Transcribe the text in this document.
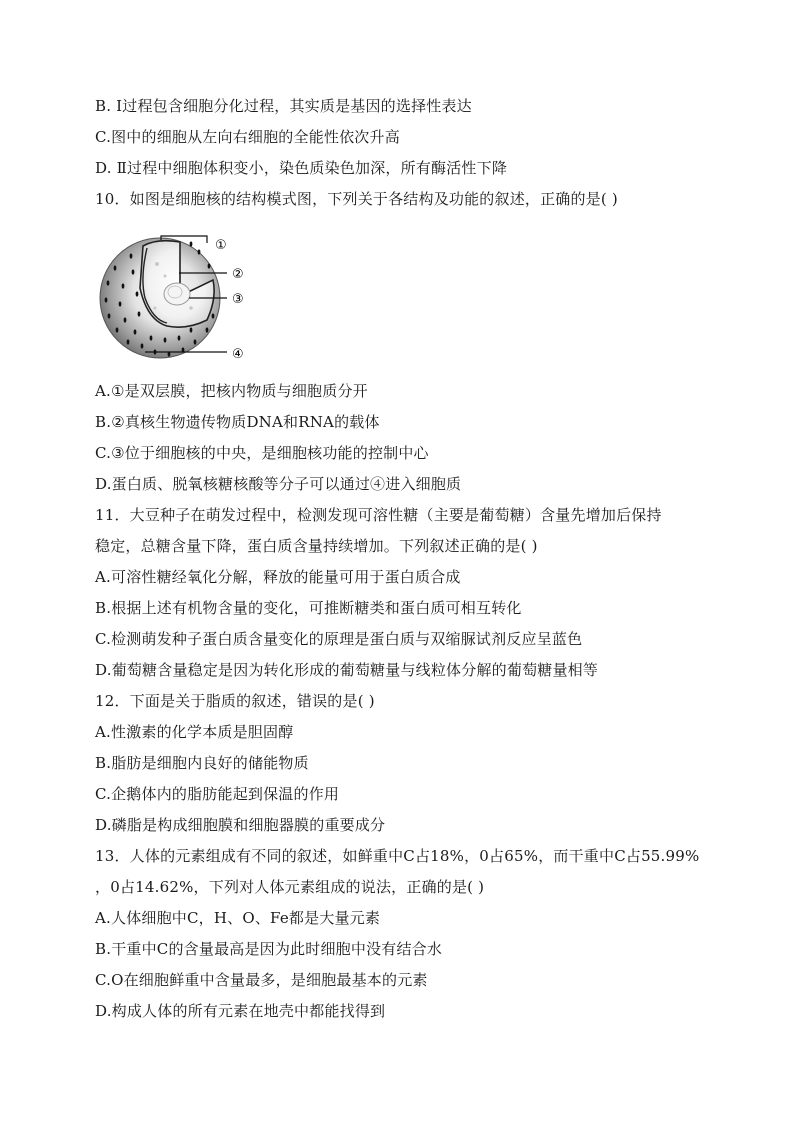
B. Ⅰ过程包含细胞分化过程，其实质是基因的选择性表达
C.图中的细胞从左向右细胞的全能性依次升高
D. Ⅱ过程中细胞体积变小，染色质染色加深，所有酶活性下降
10．如图是细胞核的结构模式图，下列关于各结构及功能的叙述，正确的是( )
①
②
③
④
A.①是双层膜，把核内物质与细胞质分开
B.②真核生物遗传物质DNA和RNA的载体
C.③位于细胞核的中央，是细胞核功能的控制中心
D.蛋白质、脱氧核糖核酸等分子可以通过④进入细胞质
11．大豆种子在萌发过程中，检测发现可溶性糖（主要是葡萄糖）含量先增加后保持
稳定，总糖含量下降，蛋白质含量持续增加。下列叙述正确的是( )
A.可溶性糖经氧化分解，释放的能量可用于蛋白质合成
B.根据上述有机物含量的变化，可推断糖类和蛋白质可相互转化
C.检测萌发种子蛋白质含量变化的原理是蛋白质与双缩脲试剂反应呈蓝色
D.葡萄糖含量稳定是因为转化形成的葡萄糖量与线粒体分解的葡萄糖量相等
12．下面是关于脂质的叙述，错误的是( )
A.性激素的化学本质是胆固醇
B.脂肪是细胞内良好的储能物质
C.企鹅体内的脂肪能起到保温的作用
D.磷脂是构成细胞膜和细胞器膜的重要成分
13．人体的元素组成有不同的叙述，如鲜重中C占18%，0占65%，而干重中C占55.99%
，0占14.62%，下列对人体元素组成的说法，正确的是( )
A.人体细胞中C，H、O、Fe都是大量元素
B.干重中C的含量最高是因为此时细胞中没有结合水
C.O在细胞鲜重中含量最多，是细胞最基本的元素
D.构成人体的所有元素在地壳中都能找得到
